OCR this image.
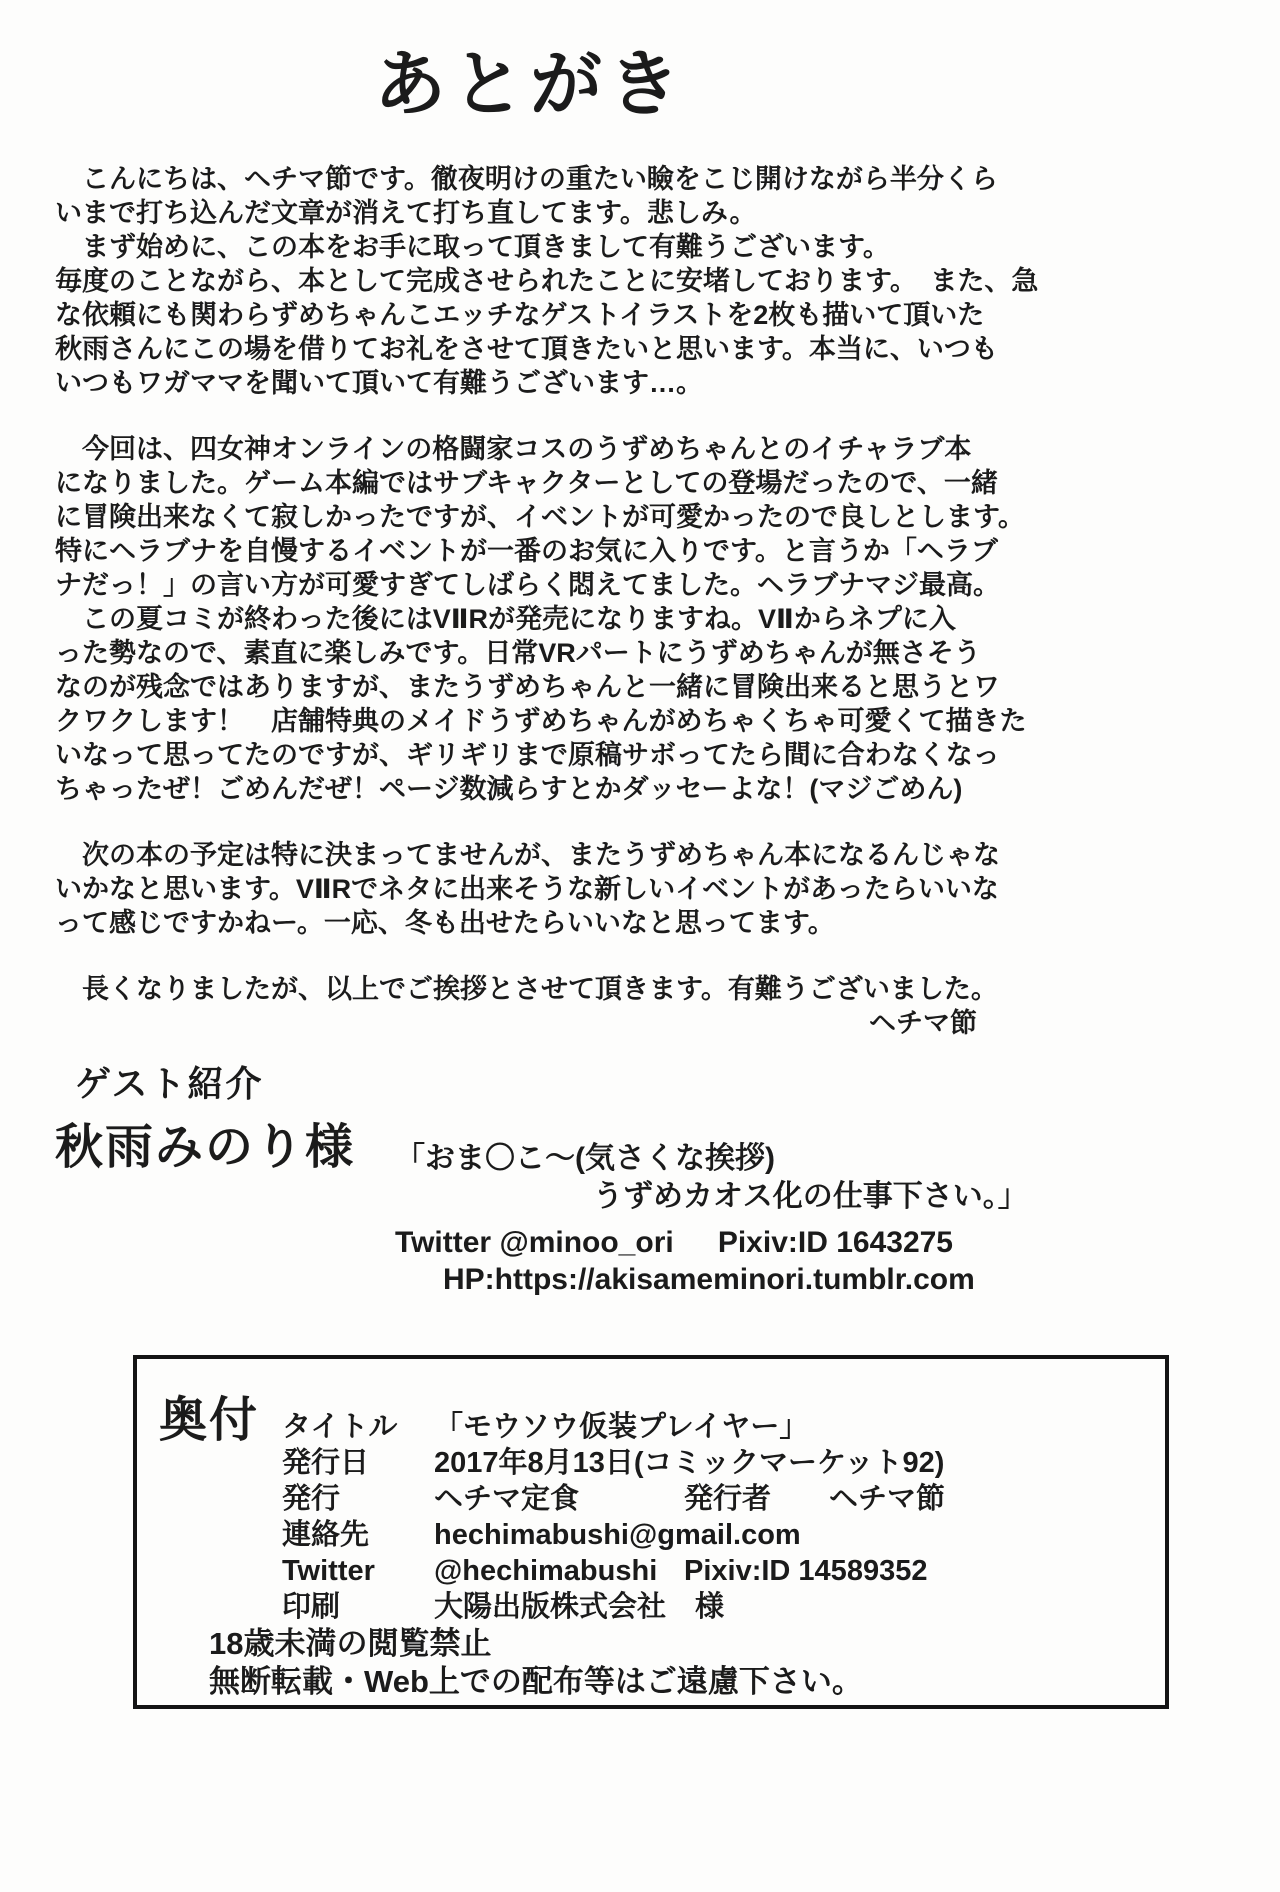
あとがき
　こんにちは、ヘチマ節です。徹夜明けの重たい瞼をこじ開けながら半分くら
いまで打ち込んだ文章が消えて打ち直してます。悲しみ。
　まず始めに、この本をお手に取って頂きまして有難うございます。
毎度のことながら、本として完成させられたことに安堵しております。　また、急
な依頼にも関わらずめちゃんこエッチなゲストイラストを2枚も描いて頂いた
秋雨さんにこの場を借りてお礼をさせて頂きたいと思います。本当に、いつも
いつもワガママを聞いて頂いて有難うございます…。
　今回は、四女神オンラインの格闘家コスのうずめちゃんとのイチャラブ本
になりました。ゲーム本編ではサブキャクターとしての登場だったので、一緒
に冒険出来なくて寂しかったですが、イベントが可愛かったので良しとします。
特にヘラブナを自慢するイベントが一番のお気に入りです。と言うか「ヘラブ
ナだっ！」の言い方が可愛すぎてしばらく悶えてました。ヘラブナマジ最高。
　この夏コミが終わった後にはVⅡRが発売になりますね。VⅡからネプに入
った勢なので、素直に楽しみです。日常VRパートにうずめちゃんが無さそう
なのが残念ではありますが、またうずめちゃんと一緒に冒険出来ると思うとワ
クワクします！　店舗特典のメイドうずめちゃんがめちゃくちゃ可愛くて描きた
いなって思ってたのですが、ギリギリまで原稿サボってたら間に合わなくなっ
ちゃったぜ！ごめんだぜ！ページ数減らすとかダッセーよな！(マジごめん)
　次の本の予定は特に決まってませんが、またうずめちゃん本になるんじゃな
いかなと思います。VⅡRでネタに出来そうな新しいイベントがあったらいいな
って感じですかねー。一応、冬も出せたらいいなと思ってます。
　長くなりましたが、以上でご挨拶とさせて頂きます。有難うございました。
ヘチマ節
ゲスト紹介
秋雨みのり様 「おま〇こ～(気さくな挨拶)
うずめカオス化の仕事下さい。」
Twitter @minoo_ori Pixiv:ID 1643275
HP:https://akisameminori.tumblr.com
奥付 タイトル 「モウソウ仮装プレイヤー」
発行日 2017年8月13日(コミックマーケット92)
発行	ヘチマ定食	発行者　　ヘチマ節
連絡先 hechimabushi@gmail.com
Twitter @hechimabushi Pixiv:ID 14589352
印刷	大陽出版株式会社　様
18歳未満の閲覧禁止
無断転載・Web上での配布等はご遠慮下さい。
